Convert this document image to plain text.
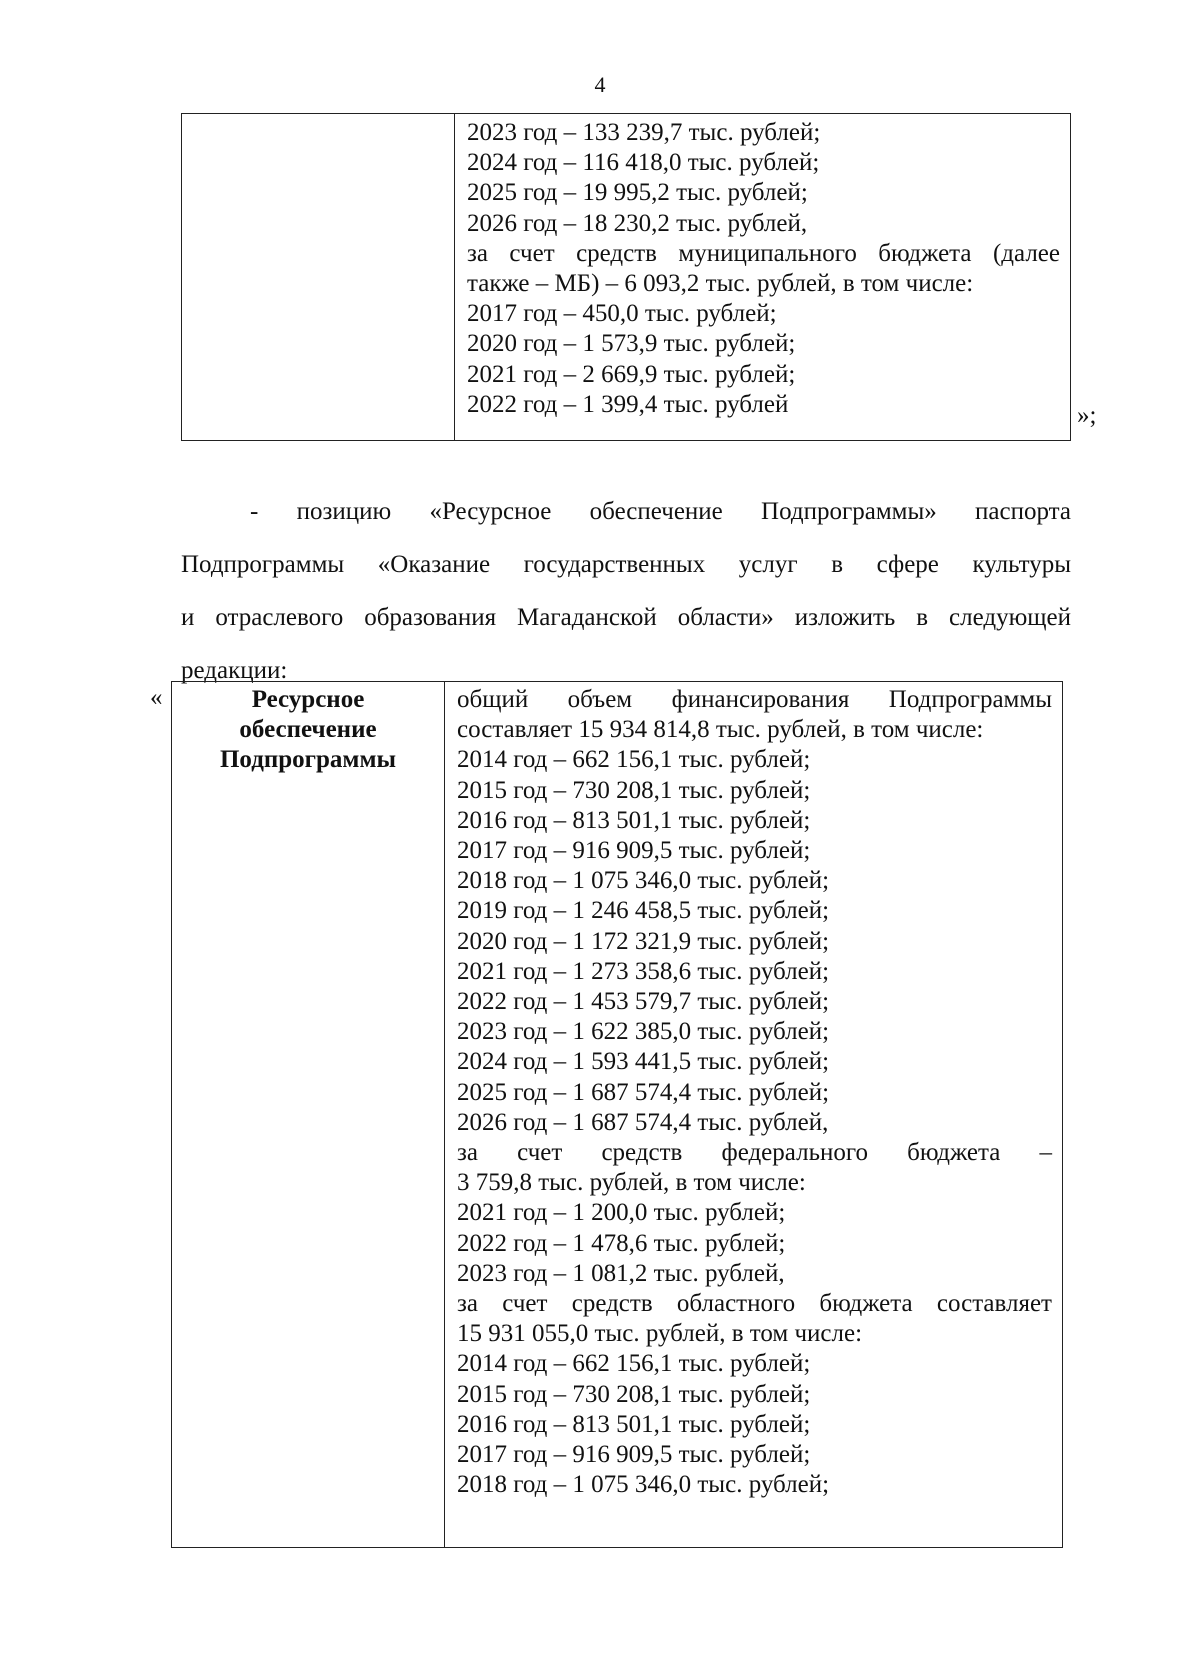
4

2023 год – 133 239,7 тыс. рублей;
2024 год – 116 418,0 тыс. рублей;
2025 год – 19 995,2 тыс. рублей;
2026 год – 18 230,2 тыс. рублей,
за счет средств муниципального бюджета (далее
также – МБ) – 6 093,2 тыс. рублей, в том числе:
2017 год – 450,0 тыс. рублей;
2020 год – 1 573,9 тыс. рублей;
2021 год – 2 669,9 тыс. рублей;
2022 год – 1 399,4 тыс. рублей	»;
- позицию «Ресурсное обеспечение Подпрограммы» паспорта
Подпрограммы «Оказание государственных услуг в сфере культуры
и отраслевого образования Магаданской области» изложить в следующей
редакции:
«	Ресурсное
обеспечение
Подпрограммы

общий объем финансирования Подпрограммы
составляет 15 934 814,8 тыс. рублей, в том числе:
2014 год – 662 156,1 тыс. рублей;
2015 год – 730 208,1 тыс. рублей;
2016 год – 813 501,1 тыс. рублей;
2017 год – 916 909,5 тыс. рублей;
2018 год – 1 075 346,0 тыс. рублей;
2019 год – 1 246 458,5 тыс. рублей;
2020 год – 1 172 321,9 тыс. рублей;
2021 год – 1 273 358,6 тыс. рублей;
2022 год – 1 453 579,7 тыс. рублей;
2023 год – 1 622 385,0 тыс. рублей;
2024 год – 1 593 441,5 тыс. рублей;
2025 год – 1 687 574,4 тыс. рублей;
2026 год – 1 687 574,4 тыс. рублей,
за счет средств федерального бюджета –
3 759,8 тыс. рублей, в том числе:
2021 год – 1 200,0 тыс. рублей;
2022 год – 1 478,6 тыс. рублей;
2023 год – 1 081,2 тыс. рублей,
за счет средств областного бюджета составляет
15 931 055,0 тыс. рублей, в том числе:
2014 год – 662 156,1 тыс. рублей;
2015 год – 730 208,1 тыс. рублей;
2016 год – 813 501,1 тыс. рублей;
2017 год – 916 909,5 тыс. рублей;
2018 год – 1 075 346,0 тыс. рублей;
